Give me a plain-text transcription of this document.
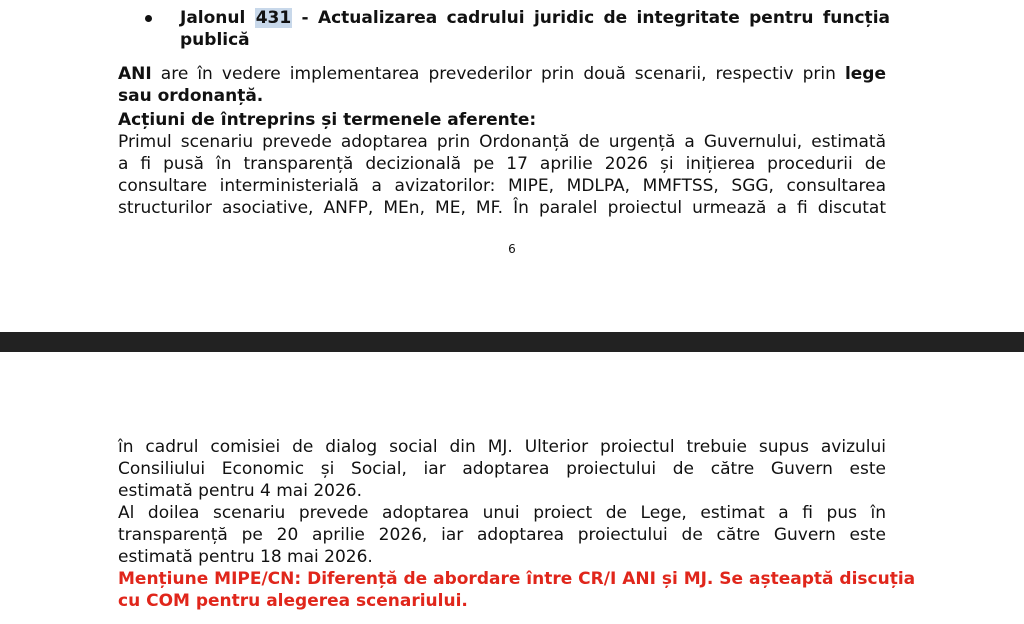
Jalonul 431 - Actualizarea cadrului juridic de integritate pentru funcția
publică
ANI are în vedere implementarea prevederilor prin două scenarii, respectiv prin lege
sau ordonanță.
Acțiuni de întreprins și termenele aferente:
Primul scenariu prevede adoptarea prin Ordonanță de urgență a Guvernului, estimată
a fi pusă în transparență decizională pe 17 aprilie 2026 și inițierea procedurii de
consultare interministerială a avizatorilor: MIPE, MDLPA, MMFTSS, SGG, consultarea
structurilor asociative, ANFP, MEn, ME, MF. În paralel proiectul urmează a fi discutat
6
în cadrul comisiei de dialog social din MJ. Ulterior proiectul trebuie supus avizului
Consiliului Economic și Social, iar adoptarea proiectului de către Guvern este
estimată pentru 4 mai 2026.
Al doilea scenariu prevede adoptarea unui proiect de Lege, estimat a fi pus în
transparență pe 20 aprilie 2026, iar adoptarea proiectului de către Guvern este
estimată pentru 18 mai 2026.
Mențiune MIPE/CN: Diferență de abordare între CR/I ANI și MJ. Se așteaptă discuția
cu COM pentru alegerea scenariului.
